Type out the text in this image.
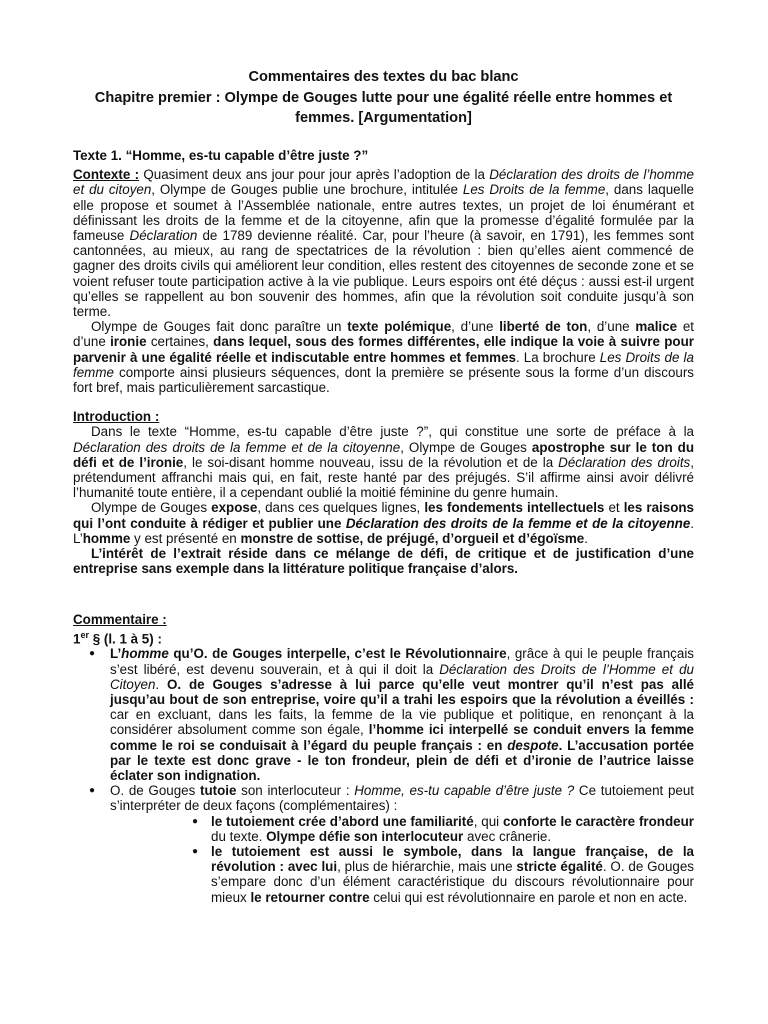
Commentaires des textes du bac blanc
Chapitre premier : Olympe de Gouges lutte pour une égalité réelle entre hommes et femmes. [Argumentation]
Texte 1. “Homme, es-tu capable d’être juste ?”

Contexte : Quasiment deux ans jour pour jour après l’adoption de la Déclaration des droits de l’homme et du citoyen, Olympe de Gouges publie une brochure, intitulée Les Droits de la femme, dans laquelle elle propose et soumet à l’Assemblée nationale, entre autres textes, un projet de loi énumérant et définissant les droits de la femme et de la citoyenne, afin que la promesse d’égalité formulée par la fameuse Déclaration de 1789 devienne réalité. Car, pour l’heure (à savoir, en 1791), les femmes sont cantonnées, au mieux, au rang de spectatrices de la révolution : bien qu’elles aient commencé de gagner des droits civils qui améliorent leur condition, elles restent des citoyennes de seconde zone et se voient refuser toute participation active à la vie publique. Leurs espoirs ont été déçus : aussi est-il urgent qu’elles se rappellent au bon souvenir des hommes, afin que la révolution soit conduite jusqu’à son terme.

Olympe de Gouges fait donc paraître un texte polémique, d’une liberté de ton, d’une malice et d’une ironie certaines, dans lequel, sous des formes différentes, elle indique la voie à suivre pour parvenir à une égalité réelle et indiscutable entre hommes et femmes. La brochure Les Droits de la femme comporte ainsi plusieurs séquences, dont la première se présente sous la forme d’un discours fort bref, mais particulièrement sarcastique.

Introduction :

Dans le texte “Homme, es-tu capable d’être juste ?”, qui constitue une sorte de préface à la Déclaration des droits de la femme et de la citoyenne, Olympe de Gouges apostrophe sur le ton du défi et de l’ironie, le soi-disant homme nouveau, issu de la révolution et de la Déclaration des droits, prétendument affranchi mais qui, en fait, reste hanté par des préjugés. S’il affirme ainsi avoir délivré l’humanité toute entière, il a cependant oublié la moitié féminine du genre humain.

Olympe de Gouges expose, dans ces quelques lignes, les fondements intellectuels et les raisons qui l’ont conduite à rédiger et publier une Déclaration des droits de la femme et de la citoyenne. L’homme y est présenté en monstre de sottise, de préjugé, d’orgueil et d’égoïsme.

L’intérêt de l’extrait réside dans ce mélange de défi, de critique et de justification d’une entreprise sans exemple dans la littérature politique française d’alors.

Commentaire :
1er § (l. 1 à 5) :
● L’homme qu’O. de Gouges interpelle, c’est le Révolutionnaire, grâce à qui le peuple français s’est libéré, est devenu souverain, et à qui il doit la Déclaration des Droits de l’Homme et du Citoyen. O. de Gouges s’adresse à lui parce qu’elle veut montrer qu’il n’est pas allé jusqu’au bout de son entreprise, voire qu’il a trahi les espoirs que la révolution a éveillés : car en excluant, dans les faits, la femme de la vie publique et politique, en renonçant à la considérer absolument comme son égale, l’homme ici interpellé se conduit envers la femme comme le roi se conduisait à l’égard du peuple français : en despote. L’accusation portée par le texte est donc grave - le ton frondeur, plein de défi et d’ironie de l’autrice laisse éclater son indignation.
● O. de Gouges tutoie son interlocuteur : Homme, es-tu capable d’être juste ? Ce tutoiement peut s’interpréter de deux façons (complémentaires) :
● le tutoiement crée d’abord une familiarité, qui conforte le caractère frondeur du texte. Olympe défie son interlocuteur avec crânerie.
● le tutoiement est aussi le symbole, dans la langue française, de la révolution : avec lui, plus de hiérarchie, mais une stricte égalité. O. de Gouges s’empare donc d’un élément caractéristique du discours révolutionnaire pour mieux le retourner contre celui qui est révolutionnaire en parole et non en acte.
